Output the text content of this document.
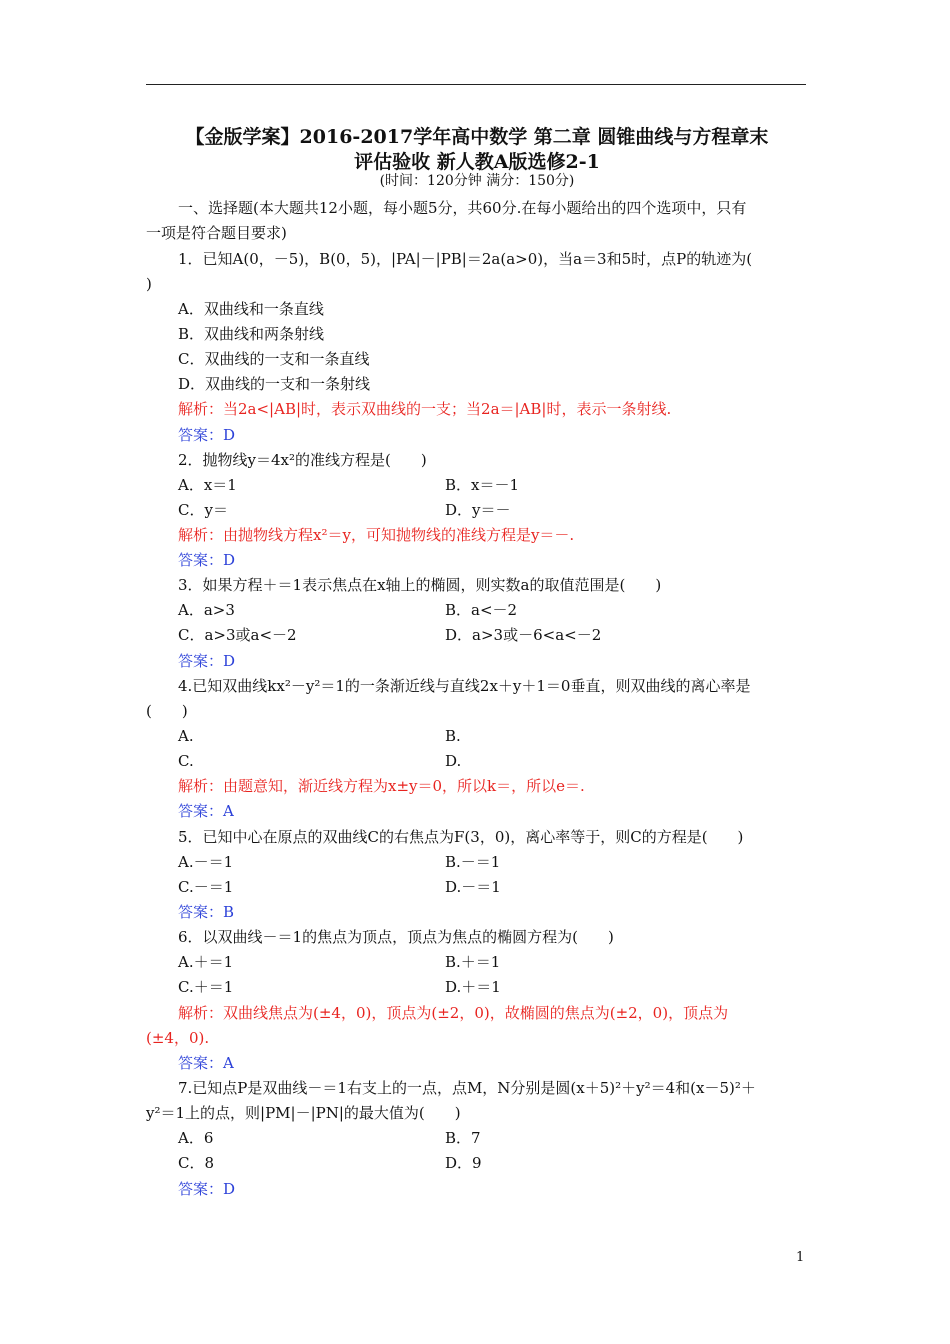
【金版学案】2016-2017学年高中数学 第二章 圆锥曲线与方程章末
评估验收 新人教A版选修2-1
(时间：120分钟 满分：150分)
一、选择题(本大题共12小题，每小题5分，共60分.在每小题给出的四个选项中，只有
一项是符合题目要求)
1．已知A(0，－5)，B(0，5)，|PA|－|PB|＝2a(a>0)，当a＝3和5时，点P的轨迹为(
)
A．双曲线和一条直线
B．双曲线和两条射线
C．双曲线的一支和一条直线
D．双曲线的一支和一条射线
解析：当2a<|AB|时，表示双曲线的一支；当2a＝|AB|时，表示一条射线.
答案：D
2．抛物线y＝4x²的准线方程是(　　)
A．x＝1	B．x＝－1
C．y＝	D．y＝－
解析：由抛物线方程x²＝y，可知抛物线的准线方程是y＝－.
答案：D
3．如果方程＋＝1表示焦点在x轴上的椭圆，则实数a的取值范围是(　　)
A．a>3	B．a<－2
C．a>3或a<－2	D．a>3或－6<a<－2
答案：D
4.已知双曲线kx²－y²＝1的一条渐近线与直线2x＋y＋1＝0垂直，则双曲线的离心率是
(　　)
A.	B.
C.	D.
解析：由题意知，渐近线方程为x±y＝0，所以k＝，所以e＝.
答案：A
5．已知中心在原点的双曲线C的右焦点为F(3，0)，离心率等于，则C的方程是(　　)
A.－＝1	B.－＝1
C.－＝1	D.－＝1
答案：B
6．以双曲线－＝1的焦点为顶点，顶点为焦点的椭圆方程为(　　)
A.＋＝1	B.＋＝1
C.＋＝1	D.＋＝1
解析：双曲线焦点为(±4，0)，顶点为(±2，0)，故椭圆的焦点为(±2，0)，顶点为
(±4，0).
答案：A
7.已知点P是双曲线－＝1右支上的一点，点M，N分别是圆(x＋5)²＋y²＝4和(x－5)²＋
y²＝1上的点，则|PM|－|PN|的最大值为(　　)
A．6	B．7
C．8	D．9
答案：D
1
